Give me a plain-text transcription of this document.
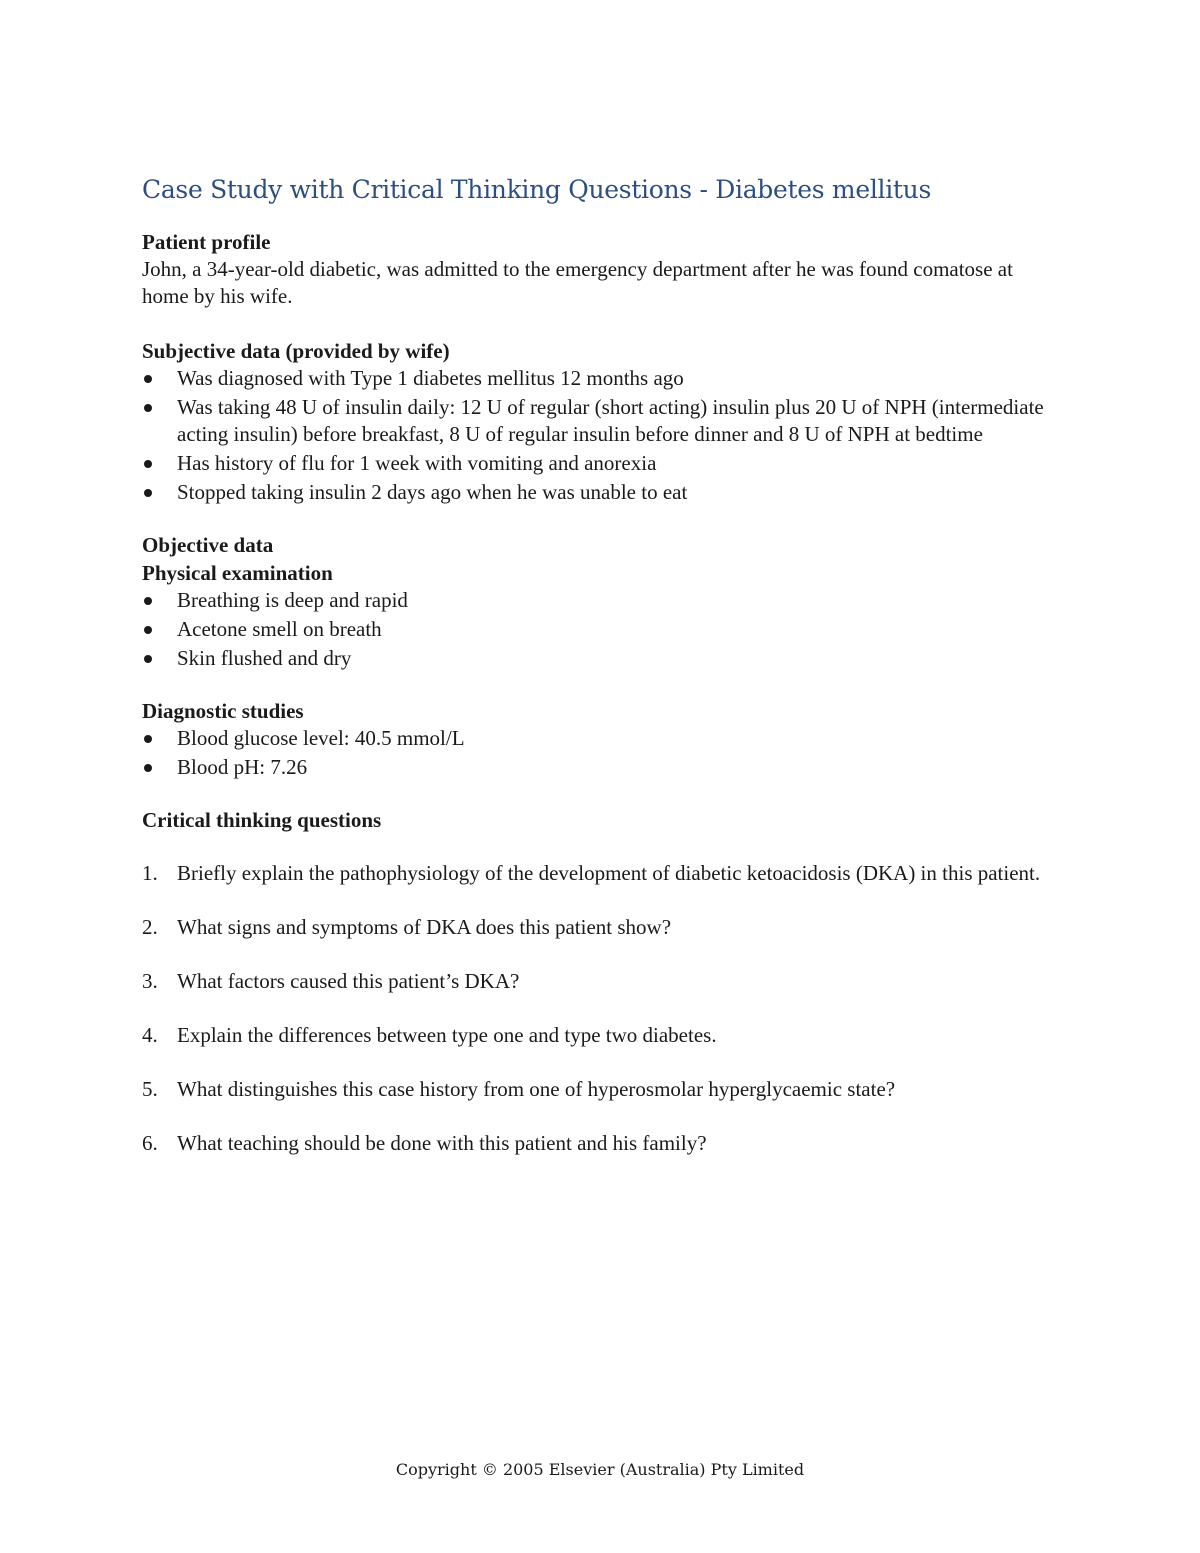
Case Study with Critical Thinking Questions - Diabetes mellitus

Patient profile

John, a 34-year-old diabetic, was admitted to the emergency department after he was found comatose at home by his wife.

Subjective data (provided by wife)

Was diagnosed with Type 1 diabetes mellitus 12 months ago
Was taking 48 U of insulin daily: 12 U of regular (short acting) insulin plus 20 U of NPH (intermediate acting insulin) before breakfast, 8 U of regular insulin before dinner and 8 U of NPH at bedtime
Has history of flu for 1 week with vomiting and anorexia
Stopped taking insulin 2 days ago when he was unable to eat

Objective data

Physical examination

Breathing is deep and rapid
Acetone smell on breath
Skin flushed and dry

Diagnostic studies

Blood glucose level: 40.5 mmol/L
Blood pH: 7.26

Critical thinking questions

1. Briefly explain the pathophysiology of the development of diabetic ketoacidosis (DKA) in this patient.
2. What signs and symptoms of DKA does this patient show?
3. What factors caused this patient’s DKA?
4. Explain the differences between type one and type two diabetes.
5. What distinguishes this case history from one of hyperosmolar hyperglycaemic state?
6. What teaching should be done with this patient and his family?
Copyright © 2005 Elsevier (Australia) Pty Limited
